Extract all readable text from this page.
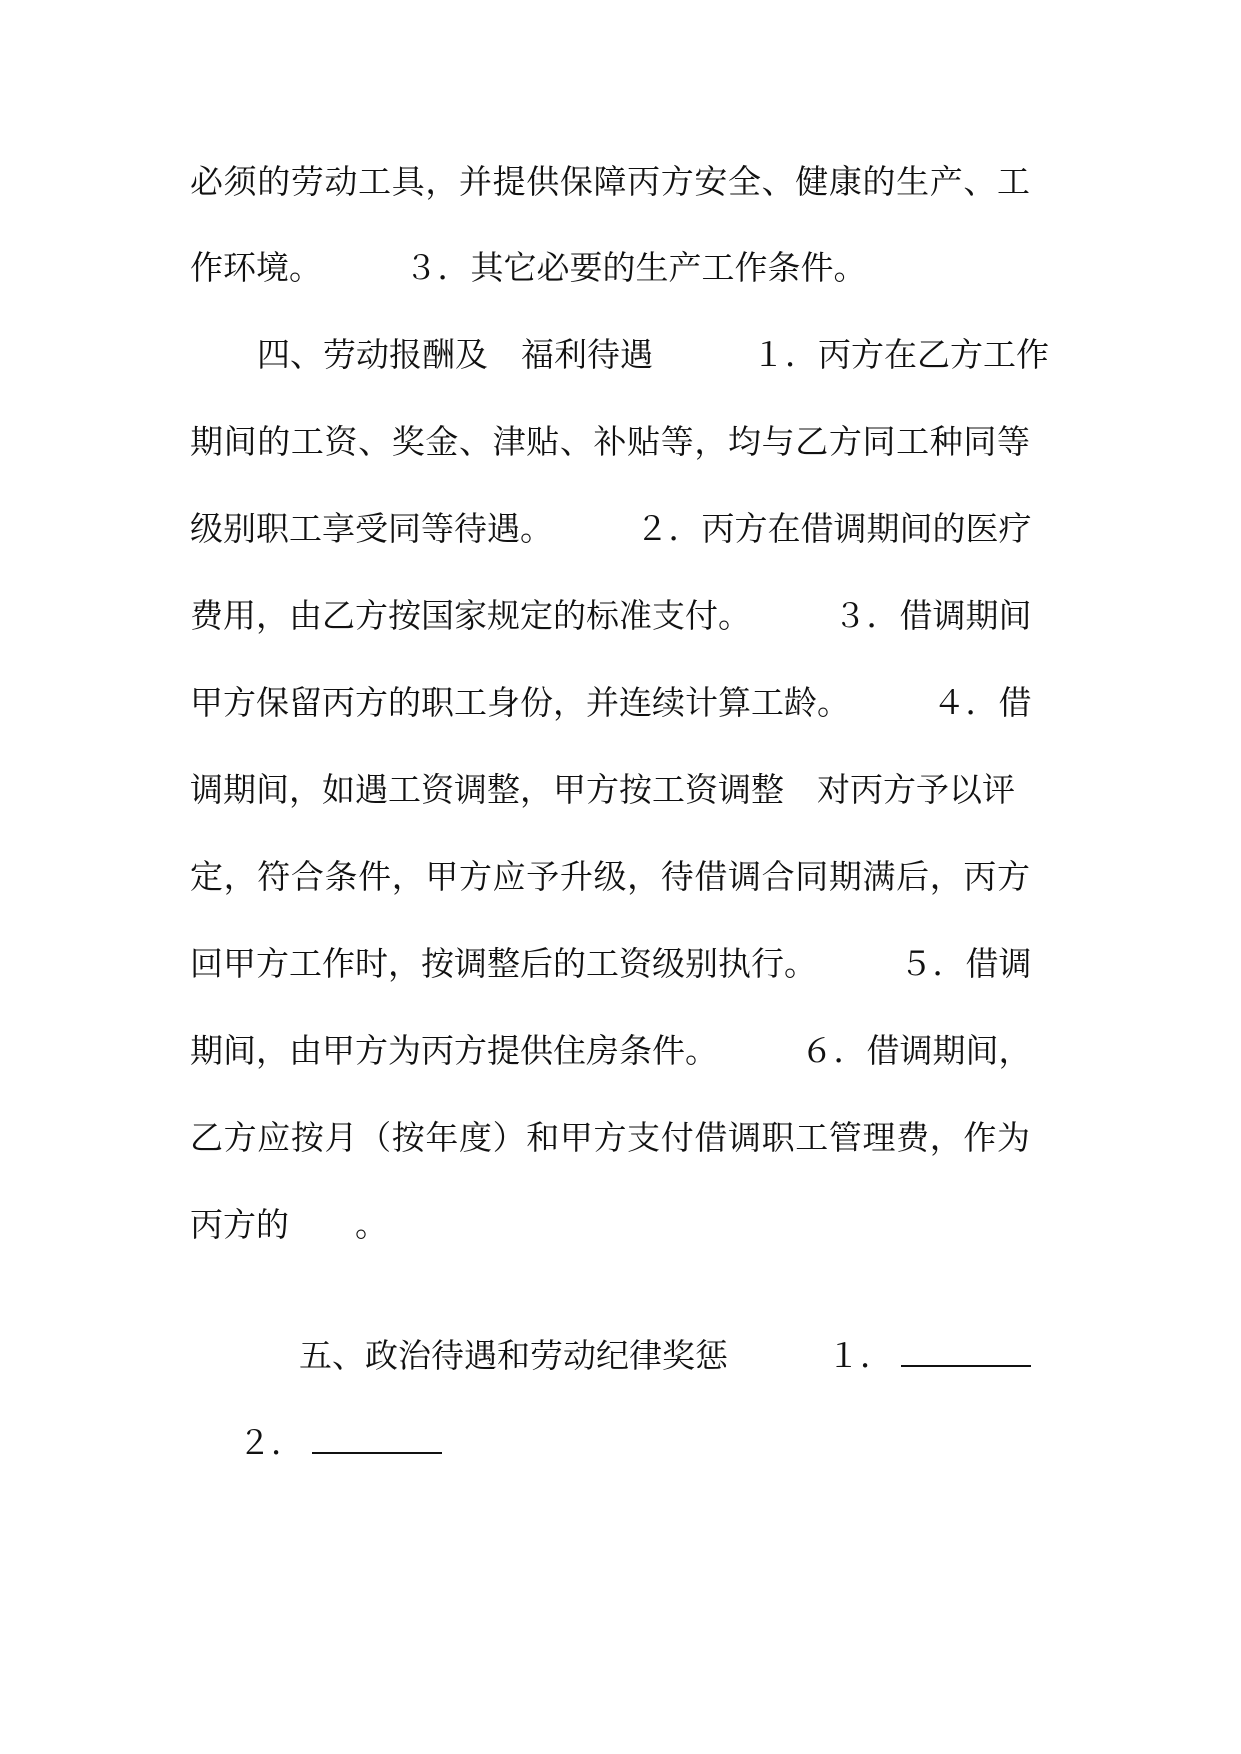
必须的劳动工具，并提供保障丙方安全、健康的生产、工
作环境。　　　３．其它必要的生产工作条件。
四、劳动报酬及　福利待遇　　　１．丙方在乙方工作
期间的工资、奖金、津贴、补贴等，均与乙方同工种同等
级别职工享受同等待遇。　　　２．丙方在借调期间的医疗
费用，由乙方按国家规定的标准支付。　　　３．借调期间
甲方保留丙方的职工身份，并连续计算工龄。　　　４．借
调期间，如遇工资调整，甲方按工资调整　对丙方予以评
定，符合条件，甲方应予升级，待借调合同期满后，丙方
回甲方工作时，按调整后的工资级别执行。　　　５．借调
期间，由甲方为丙方提供住房条件。　　　６．借调期间，
乙方应按月（按年度）和甲方支付借调职工管理费，作为
丙方的　　。

五、政治待遇和劳动纪律奖惩　　　１．

２．
